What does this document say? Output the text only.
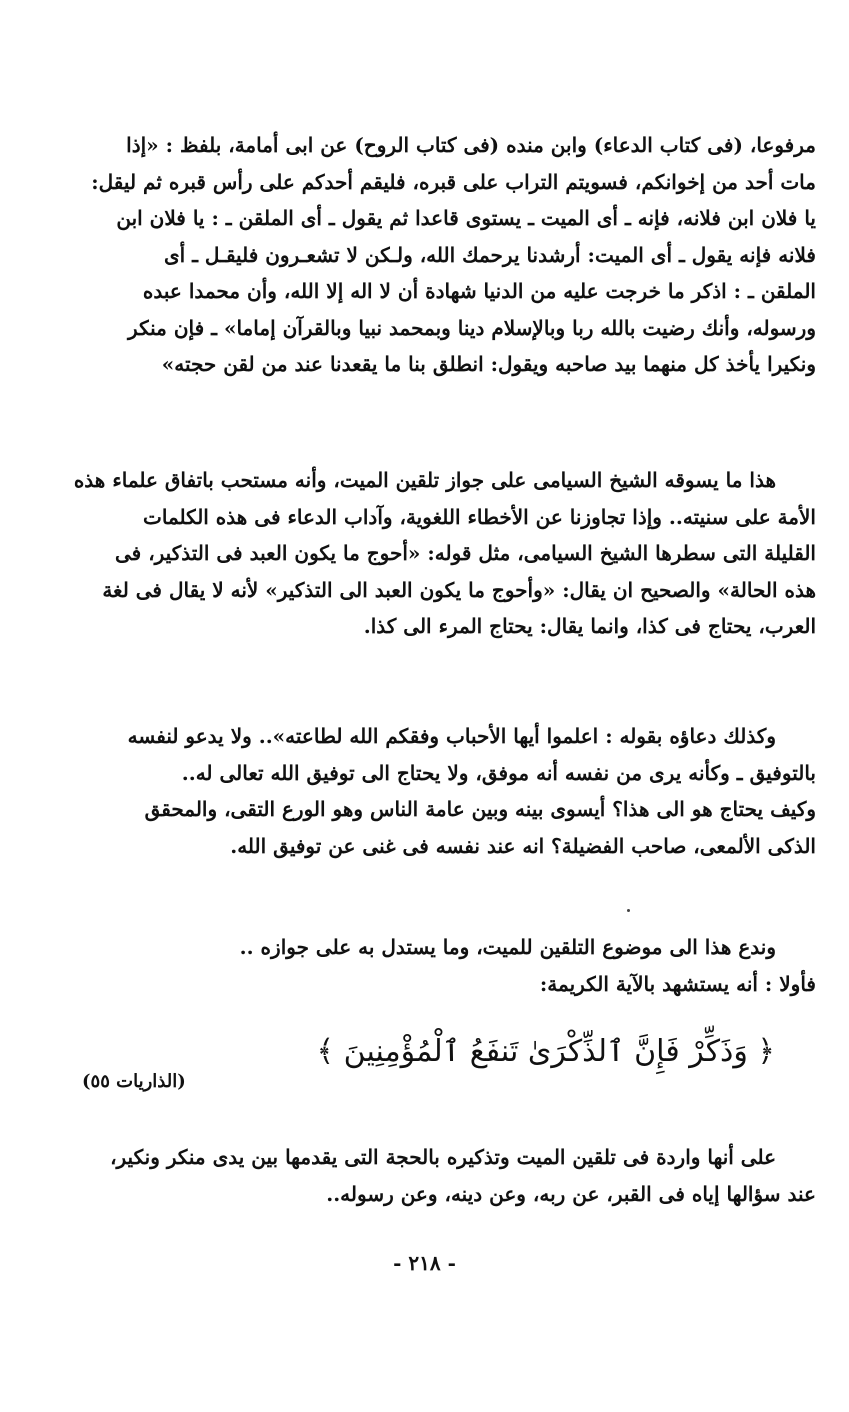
مرفوعا، (فى كتاب الدعاء) وابن منده (فى كتاب الروح) عن ابى أمامة، بلفظ : «إذا

مات أحد من إخوانكم، فسويتم التراب على قبره، فليقم أحدكم على رأس قبره ثم ليقل:

يا فلان ابن فلانه، فإنه ـ أى الميت ـ يستوى قاعدا ثم يقول ـ أى الملقن ـ : يا فلان ابن

فلانه فإنه يقول ـ أى الميت: أرشدنا يرحمك الله، ولـكن لا تشعـرون فليقـل ـ أى

الملقن ـ : اذكر ما خرجت عليه من الدنيا شهادة أن لا اله إلا الله، وأن محمدا عبده

ورسوله، وأنك رضيت بالله ربا وبالإسلام دينا وبمحمد نبيا وبالقرآن إماما» ـ فإن منكر

ونكيرا يأخذ كل منهما بيد صاحبه ويقول: انطلق بنا ما يقعدنا عند من لقن حجته»

هذا ما يسوقه الشيخ السيامى على جواز تلقين الميت، وأنه مستحب باتفاق علماء هذه

الأمة على سنيته.. وإذا تجاوزنا عن الأخطاء اللغوية، وآداب الدعاء فى هذه الكلمات

القليلة التى سطرها الشيخ السيامى، مثل قوله: «أحوج ما يكون العبد فى التذكير، فى

هذه الحالة» والصحيح ان يقال: «وأحوج ما يكون العبد الى التذكير» لأنه لا يقال فى لغة

العرب، يحتاج فى كذا، وانما يقال: يحتاج المرء الى كذا.

وكذلك دعاؤه بقوله : اعلموا أيها الأحباب وفقكم الله لطاعته».. ولا يدعو لنفسه

بالتوفيق ـ وكأنه يرى من نفسه أنه موفق، ولا يحتاج الى توفيق الله تعالى له..

وكيف يحتاج هو الى هذا؟ أيسوى بينه وبين عامة الناس وهو الورع التقى، والمحقق

الذكى الألمعى، صاحب الفضيلة؟ انه عند نفسه فى غنى عن توفيق الله.

وندع هذا الى موضوع التلقين للميت، وما يستدل به على جوازه ..

فأولا : أنه يستشهد بالآية الكريمة:

﴿ وَذَكِّرْ فَإِنَّ ٱلذِّكْرَىٰ تَنفَعُ ٱلْمُؤْمِنِينَ ﴾
(الذاريات ٥٥)

على أنها واردة فى تلقين الميت وتذكيره بالحجة التى يقدمها بين يدى منكر ونكير،

عند سؤالها إياه فى القبر، عن ربه، وعن دينه، وعن رسوله..

- ٢١٨ -
